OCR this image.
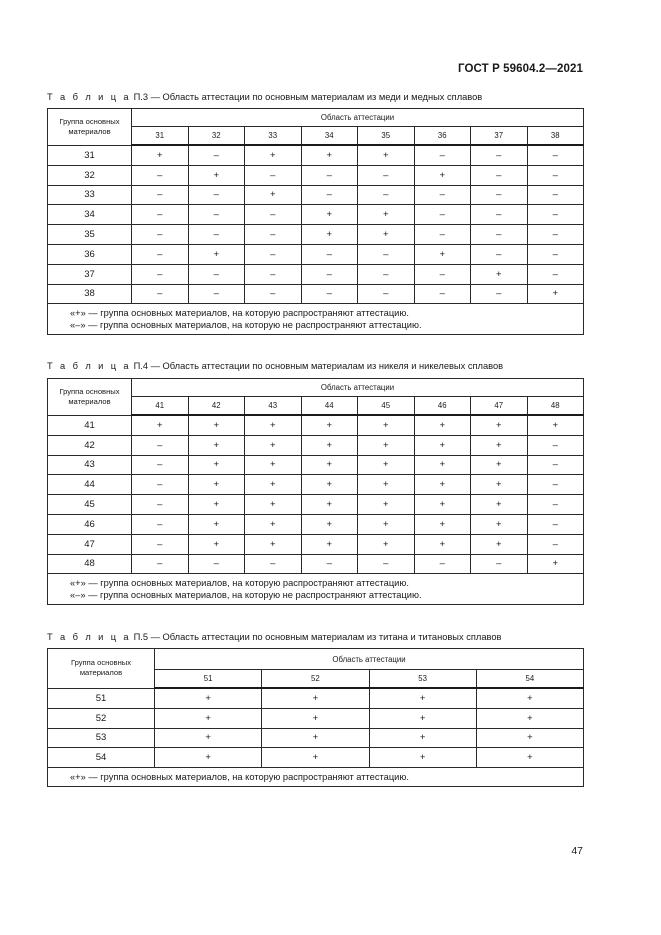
ГОСТ Р 59604.2—2021
Т а б л и ц а П.3 — Область аттестации по основным материалам из меди и медных сплавов
Группа основных материалов	Область аттестации							
	31	32	33	34	35	36	37	38
31	+	–	+	+	+	–	–	–
32	–	+	–	–	–	+	–	–
33	–	–	+	–	–	–	–	–
34	–	–	–	+	+	–	–	–
35	–	–	–	+	+	–	–	–
36	–	+	–	–	–	+	–	–
37	–	–	–	–	–	–	+	–
38	–	–	–	–	–	–	–	+

«+» — группа основных материалов, на которую распространяют аттестацию.
«–» — группа основных материалов, на которую не распространяют аттестацию.								
Т а б л и ц а П.4 — Область аттестации по основным материалам из никеля и никелевых сплавов
Группа основных материалов	Область аттестации							
	41	42	43	44	45	46	47	48
41	+	+	+	+	+	+	+	+
42	–	+	+	+	+	+	+	–
43	–	+	+	+	+	+	+	–
44	–	+	+	+	+	+	+	–
45	–	+	+	+	+	+	+	–
46	–	+	+	+	+	+	+	–
47	–	+	+	+	+	+	+	–
48	–	–	–	–	–	–	–	+

«+» — группа основных материалов, на которую распространяют аттестацию.
«–» — группа основных материалов, на которую не распространяют аттестацию.								
Т а б л и ц а П.5 — Область аттестации по основным материалам из титана и титановых сплавов
Группа основных материалов	Область аттестации			
	51	52	53	54
51	+	+	+	+
52	+	+	+	+
53	+	+	+	+
54	+	+	+	+

«+» — группа основных материалов, на которую распространяют аттестацию.				
47
